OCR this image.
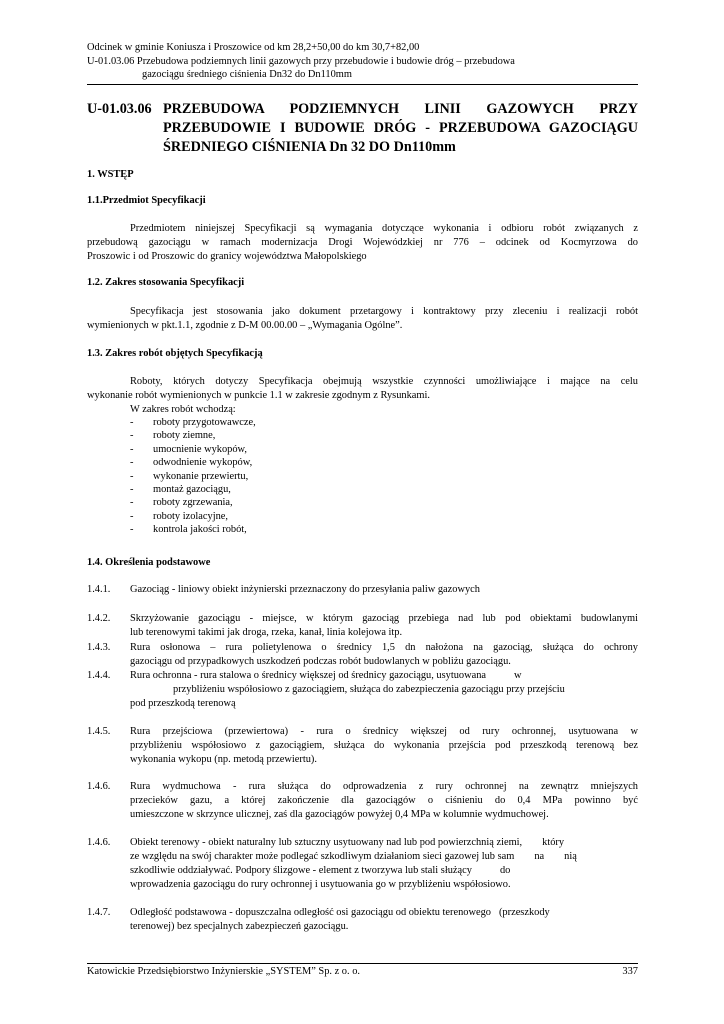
Odcinek w gminie Koniusza i Proszowice od km 28,2+50,00 do km 30,7+82,00
U-01.03.06 Przebudowa podziemnych linii gazowych przy przebudowie i budowie dróg – przebudowa
gazociągu średniego ciśnienia Dn32 do Dn110mm
U-01.03.06 PRZEBUDOWA PODZIEMNYCH LINII GAZOWYCH PRZY
PRZEBUDOWIE I BUDOWIE DRÓG - PRZEBUDOWA GAZOCIĄGU
ŚREDNIEGO CIŚNIENIA Dn 32 DO Dn110mm
1. WSTĘP
1.1.Przedmiot Specyfikacji
Przedmiotem niniejszej Specyfikacji są wymagania dotyczące wykonania i odbioru robót związanych z
przebudową gazociągu w ramach modernizacja Drogi Wojewódzkiej nr 776 – odcinek od Kocmyrzowa do
Proszowic i od Proszowic do granicy województwa Małopolskiego
1.2. Zakres stosowania Specyfikacji
Specyfikacja jest stosowania jako dokument przetargowy i kontraktowy przy zleceniu i realizacji robót
wymienionych w pkt.1.1, zgodnie z D-M 00.00.00 – „Wymagania Ogólne”.
1.3. Zakres robót objętych Specyfikacją
Roboty, których dotyczy Specyfikacja obejmują wszystkie czynności umożliwiające i mające na celu
wykonanie robót wymienionych w punkcie 1.1 w zakresie zgodnym z Rysunkami.
W zakres robót wchodzą:
- roboty przygotowawcze,
- roboty ziemne,
- umocnienie wykopów,
- odwodnienie wykopów,
- wykonanie przewiertu,
- montaż gazociągu,
- roboty zgrzewania,
- roboty izolacyjne,
- kontrola jakości robót,
1.4. Określenia podstawowe
1.4.1. Gazociąg - liniowy obiekt inżynierski przeznaczony do przesyłania paliw gazowych
1.4.2. Skrzyżowanie gazociągu - miejsce, w którym gazociąg przebiega nad lub pod obiektami budowlanymi
lub terenowymi takimi jak droga, rzeka, kanał, linia kolejowa itp.
1.4.3. Rura osłonowa – rura polietylenowa o średnicy 1,5 dn nałożona na gazociąg, służąca do ochrony
gazociągu od przypadkowych uszkodzeń podczas robót budowlanych w pobliżu gazociągu.
1.4.4. Rura ochronna - rura stalowa o średnicy większej od średnicy gazociągu, usytuowana	w
przybliżeniu współosiowo z gazociągiem, służąca do zabezpieczenia gazociągu przy przejściu
pod przeszkodą terenową
1.4.5. Rura przejściowa (przewiertowa) - rura o średnicy większej od rury ochronnej, usytuowana w
przybliżeniu współosiowo z gazociągiem, służąca do wykonania przejścia pod przeszkodą terenową bez
wykonania wykopu (np. metodą przewiertu).
1.4.6. Rura wydmuchowa - rura służąca do odprowadzenia z rury ochronnej na zewnątrz mniejszych
przecieków gazu, a której zakończenie dla gazociągów o ciśnieniu do 0,4 MPa powinno być
umieszczone w skrzynce ulicznej, zaś dla gazociągów powyżej 0,4 MPa w kolumnie wydmuchowej.
1.4.6. Obiekt terenowy - obiekt naturalny lub sztuczny usytuowany nad lub pod powierzchnią ziemi, który
ze względu na swój charakter może podlegać szkodliwym działaniom sieci gazowej lub sam na nią
szkodliwie oddziaływać. Podpory ślizgowe - element z tworzywa lub stali służący	do
wprowadzenia gazociągu do rury ochronnej i usytuowania go w przybliżeniu współosiowo.
1.4.7. Odległość podstawowa - dopuszczalna odległość osi gazociągu od obiektu terenowego (przeszkody
terenowej) bez specjalnych zabezpieczeń gazociągu.
Katowickie Przedsiębiorstwo Inżynierskie „SYSTEM” Sp. z o. o.	337
